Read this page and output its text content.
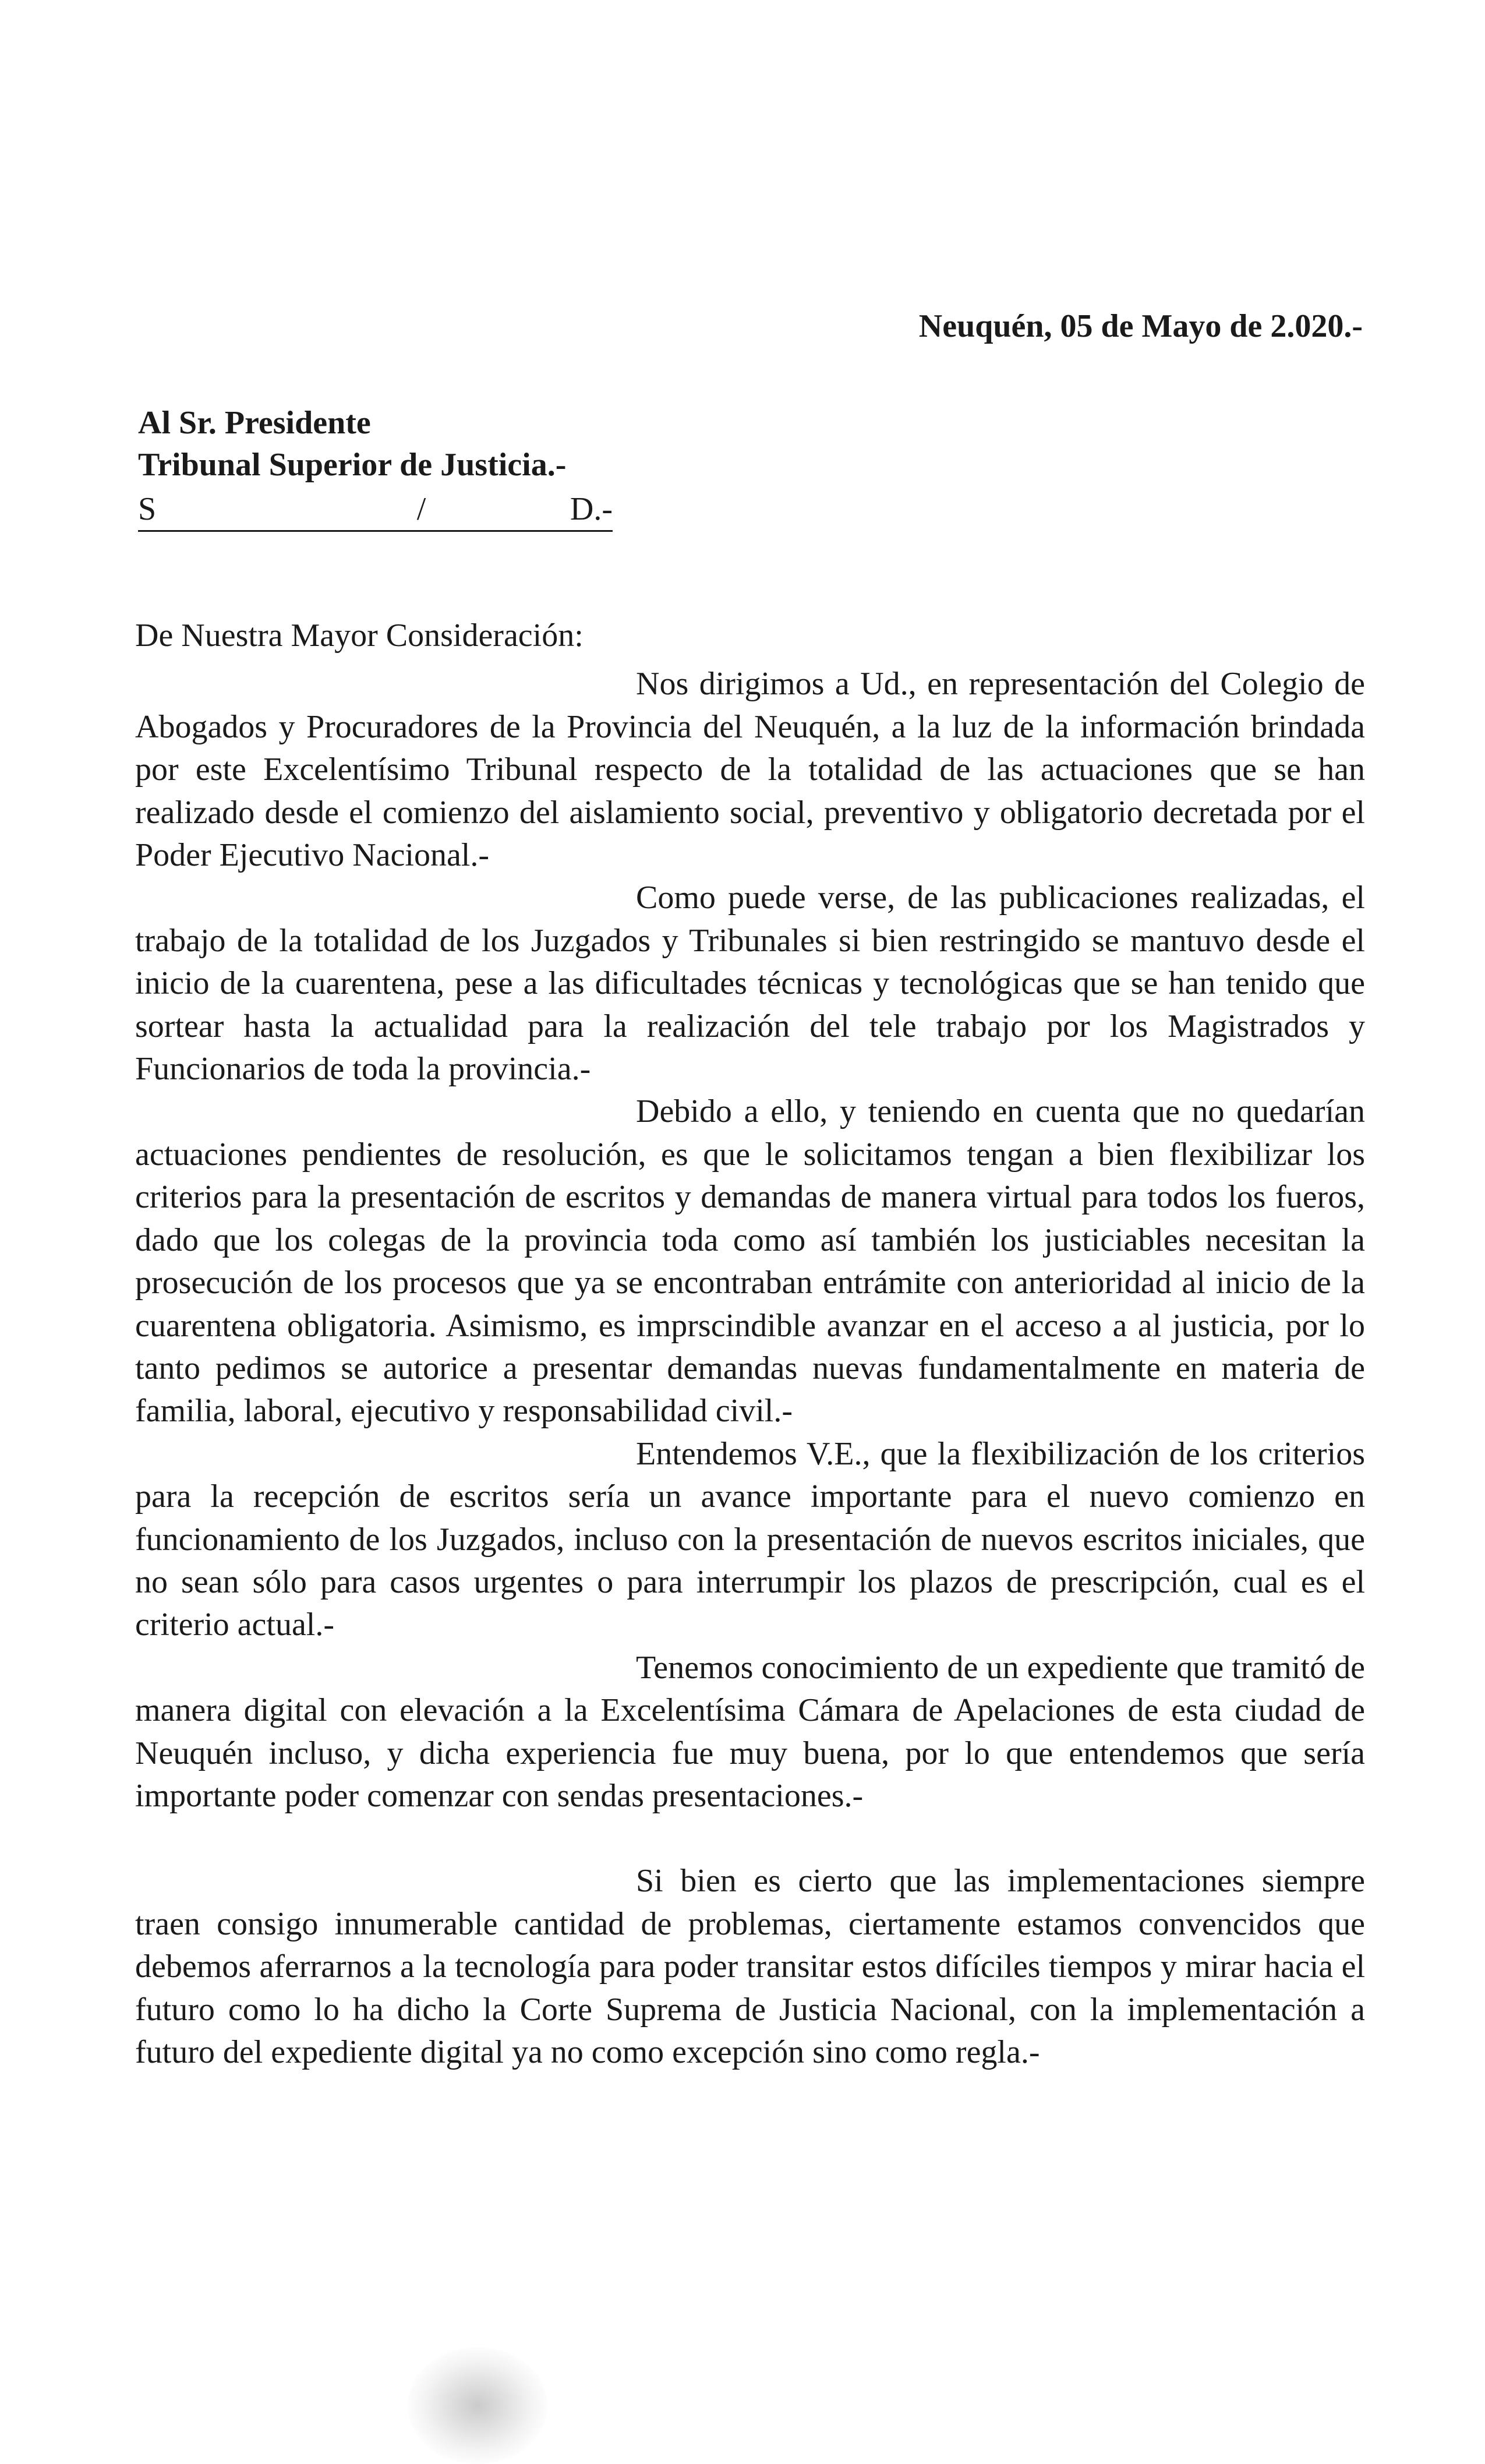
Neuquén, 05 de Mayo de 2.020.-
Al Sr. Presidente
Tribunal Superior de Justicia.-
S	/	D.-

De Nuestra Mayor Consideración:

Nos dirigimos a Ud., en representación del Colegio de Abogados y Procuradores de la Provincia del Neuquén, a la luz de la información brindada por este Excelentísimo Tribunal respecto de la totalidad de las actuaciones que se han realizado desde el comienzo del aislamiento social, preventivo y obligatorio decretada por el Poder Ejecutivo Nacional.-

Como puede verse, de las publicaciones realizadas, el trabajo de la totalidad de los Juzgados y Tribunales si bien restringido se mantuvo desde el inicio de la cuarentena, pese a las dificultades técnicas y tecnológicas que se han tenido que sortear hasta la actualidad para la realización del tele trabajo por los Magistrados y Funcionarios de toda la provincia.-

Debido a ello, y teniendo en cuenta que no quedarían actuaciones pendientes de resolución, es que le solicitamos tengan a bien flexibilizar los criterios para la presentación de escritos y demandas de manera virtual para todos los fueros, dado que los colegas de la provincia toda como así también los justiciables necesitan la prosecución de los procesos que ya se encontraban entrámite con anterioridad al inicio de la cuarentena obligatoria. Asimismo, es imprscindible avanzar en el acceso a al justicia, por lo tanto pedimos se autorice a presentar demandas nuevas fundamentalmente en materia de familia, laboral, ejecutivo y responsabilidad civil.-

Entendemos V.E., que la flexibilización de los criterios para la recepción de escritos sería un avance importante para el nuevo comienzo en funcionamiento de los Juzgados, incluso con la presentación de nuevos escritos iniciales, que no sean sólo para casos urgentes o para interrumpir los plazos de prescripción, cual es el criterio actual.-

Tenemos conocimiento de un expediente que tramitó de manera digital con elevación a la Excelentísima Cámara de Apelaciones de esta ciudad de Neuquén incluso, y dicha experiencia fue muy buena, por lo que entendemos que sería importante poder comenzar con sendas presentaciones.-

Si bien es cierto que las implementaciones siempre traen consigo innumerable cantidad de problemas, ciertamente estamos convencidos que debemos aferrarnos a la tecnología para poder transitar estos difíciles tiempos y mirar hacia el futuro como lo ha dicho la Corte Suprema de Justicia Nacional, con la implementación a futuro del expediente digital ya no como excepción sino como regla.-
